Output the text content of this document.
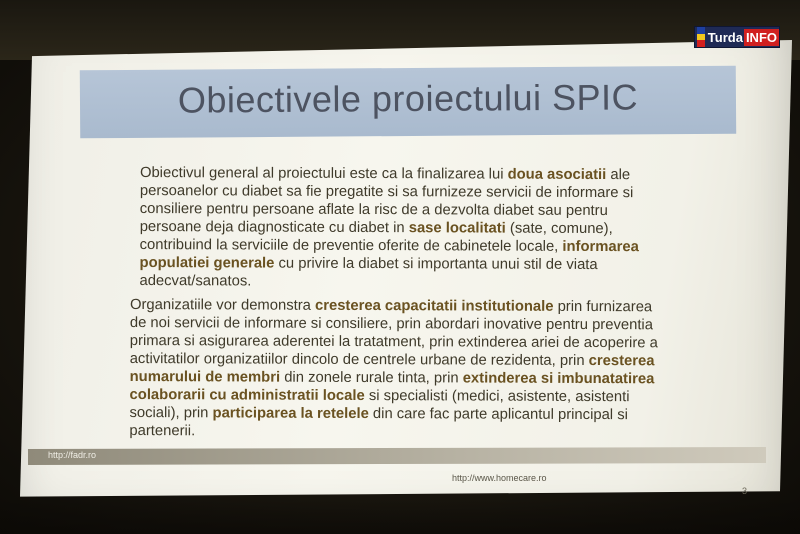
Obiectivele proiectului SPIC
Obiectivul general al proiectului este ca la finalizarea lui doua asociatii ale persoanelor cu diabet sa fie pregatite si sa furnizeze servicii de informare si consiliere pentru persoane aflate la risc de a dezvolta diabet sau pentru persoane deja diagnosticate cu diabet in sase localitati (sate, comune), contribuind la serviciile de preventie oferite de cabinetele locale, informarea populatiei generale cu privire la diabet si importanta unui stil de viata adecvat/sanatos.
Organizatiile vor demonstra cresterea capacitatii institutionale prin furnizarea de noi servicii de informare si consiliere, prin abordari inovative pentru preventia primara si asigurarea aderentei la tratatment, prin extinderea ariei de acoperire a activitatilor organizatiilor dincolo de centrele urbane de rezidenta, prin cresterea numarului de membri din zonele rurale tinta, prin extinderea si imbunatatirea colaborarii cu administratii locale si specialisti (medici, asistente, asistenti sociali), prin participarea la retelele din care fac parte aplicantul principal si partenerii.
http://fadr.ro
http://www.homecare.ro
3
Turda INFO
